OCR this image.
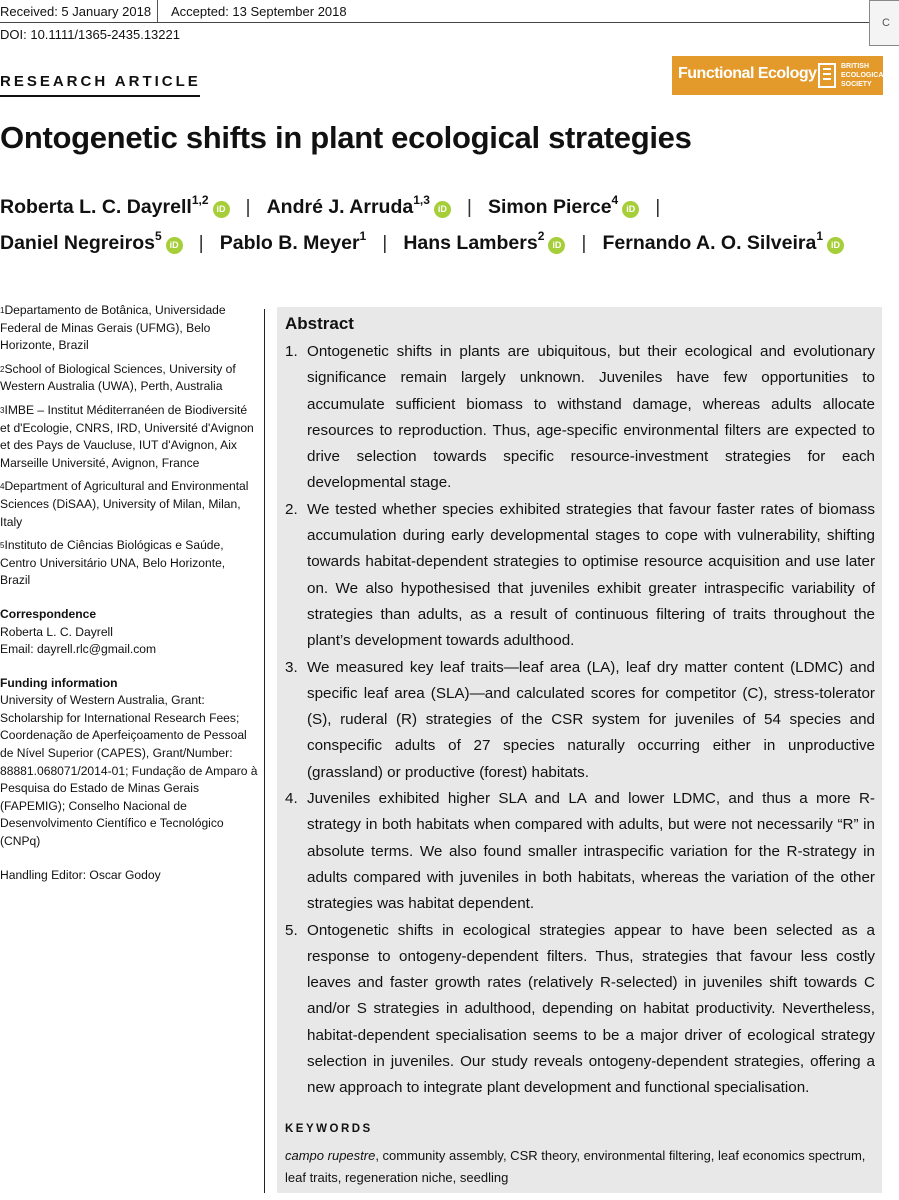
Received: 5 January 2018 Accepted: 13 September 2018
DOI: 10.1111/1365-2435.13221
C
RESEARCH ARTICLE	Functional Ecology	BRITISH
ECOLOGICAL
SOCIETY
Ontogenetic shifts in plant ecological strategies
Roberta L. C. Dayrell$^{1,2}$iD | André J. Arruda$^{1,3}$iD | Simon Pierce$^4$iD |
Daniel Negreiros$^5$iD | Pablo B. Meyer$^1$ | Hans Lambers$^2$iD | Fernando A. O. Silveira$^1$iD

$^1$Departamento de Botânica, Universidade Federal de Minas Gerais (UFMG), Belo Horizonte, Brazil

$^2$School of Biological Sciences, University of Western Australia (UWA), Perth, Australia

$^3$IMBE – Institut Méditerranéen de Biodiversité et d'Ecologie, CNRS, IRD, Université d'Avignon et des Pays de Vaucluse, IUT d'Avignon, Aix Marseille Université, Avignon, France

$^4$Department of Agricultural and Environmental Sciences (DiSAA), University of Milan, Milan, Italy

$^5$Instituto de Ciências Biológicas e Saúde, Centro Universitário UNA, Belo Horizonte, Brazil

Correspondence
Roberta L. C. Dayrell
Email: dayrell.rlc@gmail.com
Funding information
University of Western Australia, Grant: Scholarship for International Research Fees; Coordenação de Aperfeiçoamento de Pessoal de Nível Superior (CAPES), Grant/Number: 88881.068071/2014-01; Fundação de Amparo à Pesquisa do Estado de Minas Gerais (FAPEMIG); Conselho Nacional de Desenvolvimento Científico e Tecnológico (CNPq)
Handling Editor: Oscar Godoy
Abstract
1. Ontogenetic shifts in plants are ubiquitous, but their ecological and evolutionary significance remain largely unknown. Juveniles have few opportunities to accumulate sufficient biomass to withstand damage, whereas adults allocate resources to reproduction. Thus, age-specific environmental filters are expected to drive selection towards specific resource-investment strategies for each developmental stage.
2. We tested whether species exhibited strategies that favour faster rates of biomass accumulation during early developmental stages to cope with vulnerability, shifting towards habitat-dependent strategies to optimise resource acquisition and use later on. We also hypothesised that juveniles exhibit greater intraspecific variability of strategies than adults, as a result of continuous filtering of traits throughout the plant’s development towards adulthood.
3. We measured key leaf traits—leaf area (LA), leaf dry matter content (LDMC) and specific leaf area (SLA)—and calculated scores for competitor (C), stress-tolerator (S), ruderal (R) strategies of the CSR system for juveniles of 54 species and conspecific adults of 27 species naturally occurring either in unproductive (grassland) or productive (forest) habitats.
4. Juveniles exhibited higher SLA and LA and lower LDMC, and thus a more R-strategy in both habitats when compared with adults, but were not necessarily “R” in absolute terms. We also found smaller intraspecific variation for the R-strategy in adults compared with juveniles in both habitats, whereas the variation of the other strategies was habitat dependent.
5. Ontogenetic shifts in ecological strategies appear to have been selected as a response to ontogeny-dependent filters. Thus, strategies that favour less costly leaves and faster growth rates (relatively R-selected) in juveniles shift towards C and/or S strategies in adulthood, depending on habitat productivity. Nevertheless, habitat-dependent specialisation seems to be a major driver of ecological strategy selection in juveniles. Our study reveals ontogeny-dependent strategies, offering a new approach to integrate plant development and functional specialisation.
KEYWORDS
campo rupestre, community assembly, CSR theory, environmental filtering, leaf economics spectrum, leaf traits, regeneration niche, seedling
